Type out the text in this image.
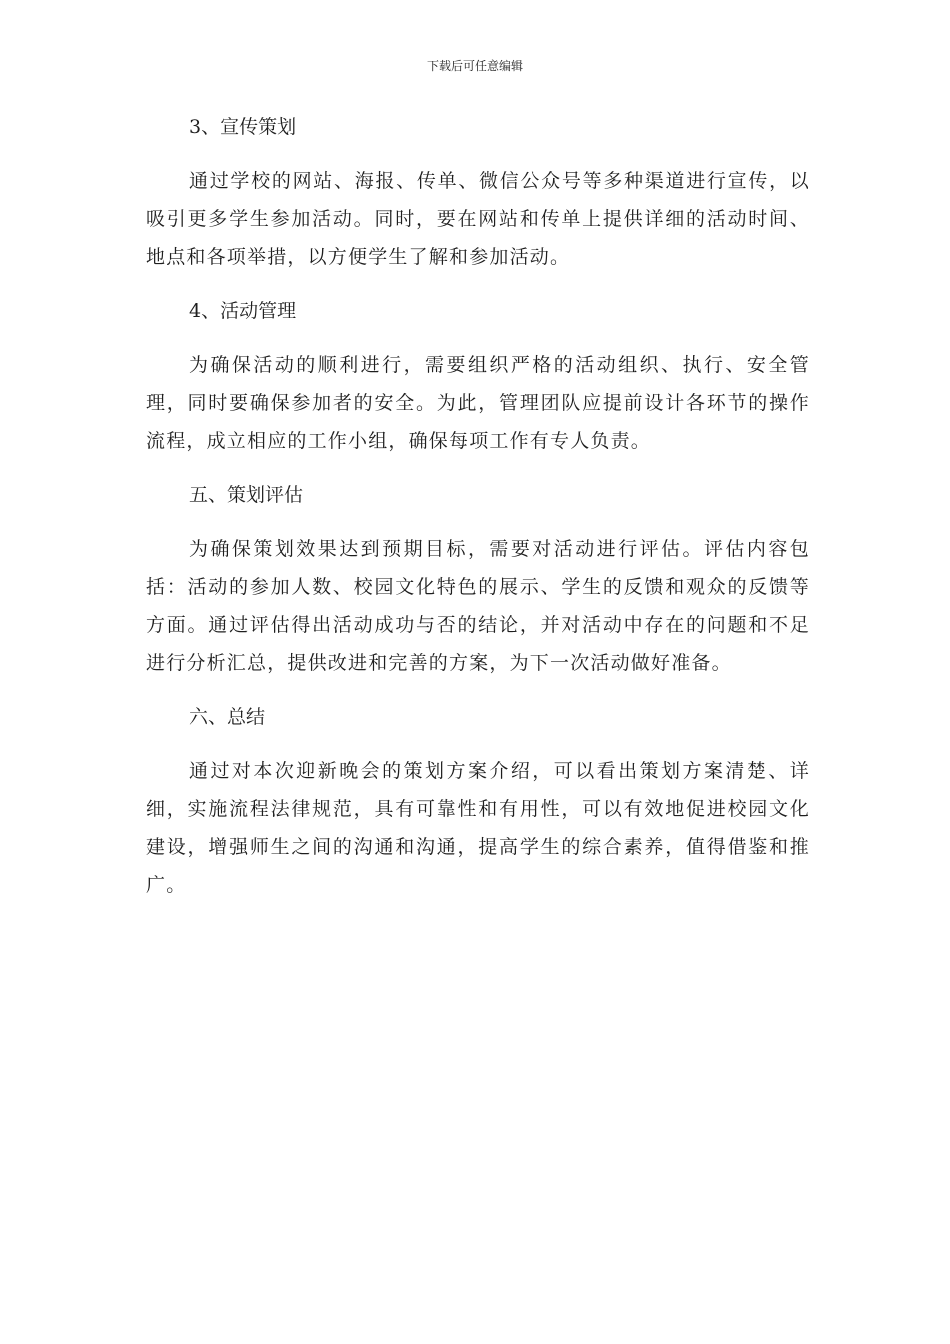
下载后可任意编辑

3、宣传策划

通过学校的网站、海报、传单、微信公众号等多种渠道进行宣传，以吸引更多学生参加活动。同时，要在网站和传单上提供详细的活动时间、地点和各项举措，以方便学生了解和参加活动。

4、活动管理

为确保活动的顺利进行，需要组织严格的活动组织、执行、安全管理，同时要确保参加者的安全。为此，管理团队应提前设计各环节的操作流程，成立相应的工作小组，确保每项工作有专人负责。

五、策划评估

为确保策划效果达到预期目标，需要对活动进行评估。评估内容包括：活动的参加人数、校园文化特色的展示、学生的反馈和观众的反馈等方面。通过评估得出活动成功与否的结论，并对活动中存在的问题和不足进行分析汇总，提供改进和完善的方案，为下一次活动做好准备。

六、总结

通过对本次迎新晚会的策划方案介绍，可以看出策划方案清楚、详细，实施流程法律规范，具有可靠性和有用性，可以有效地促进校园文化建设，增强师生之间的沟通和沟通，提高学生的综合素养，值得借鉴和推广。
